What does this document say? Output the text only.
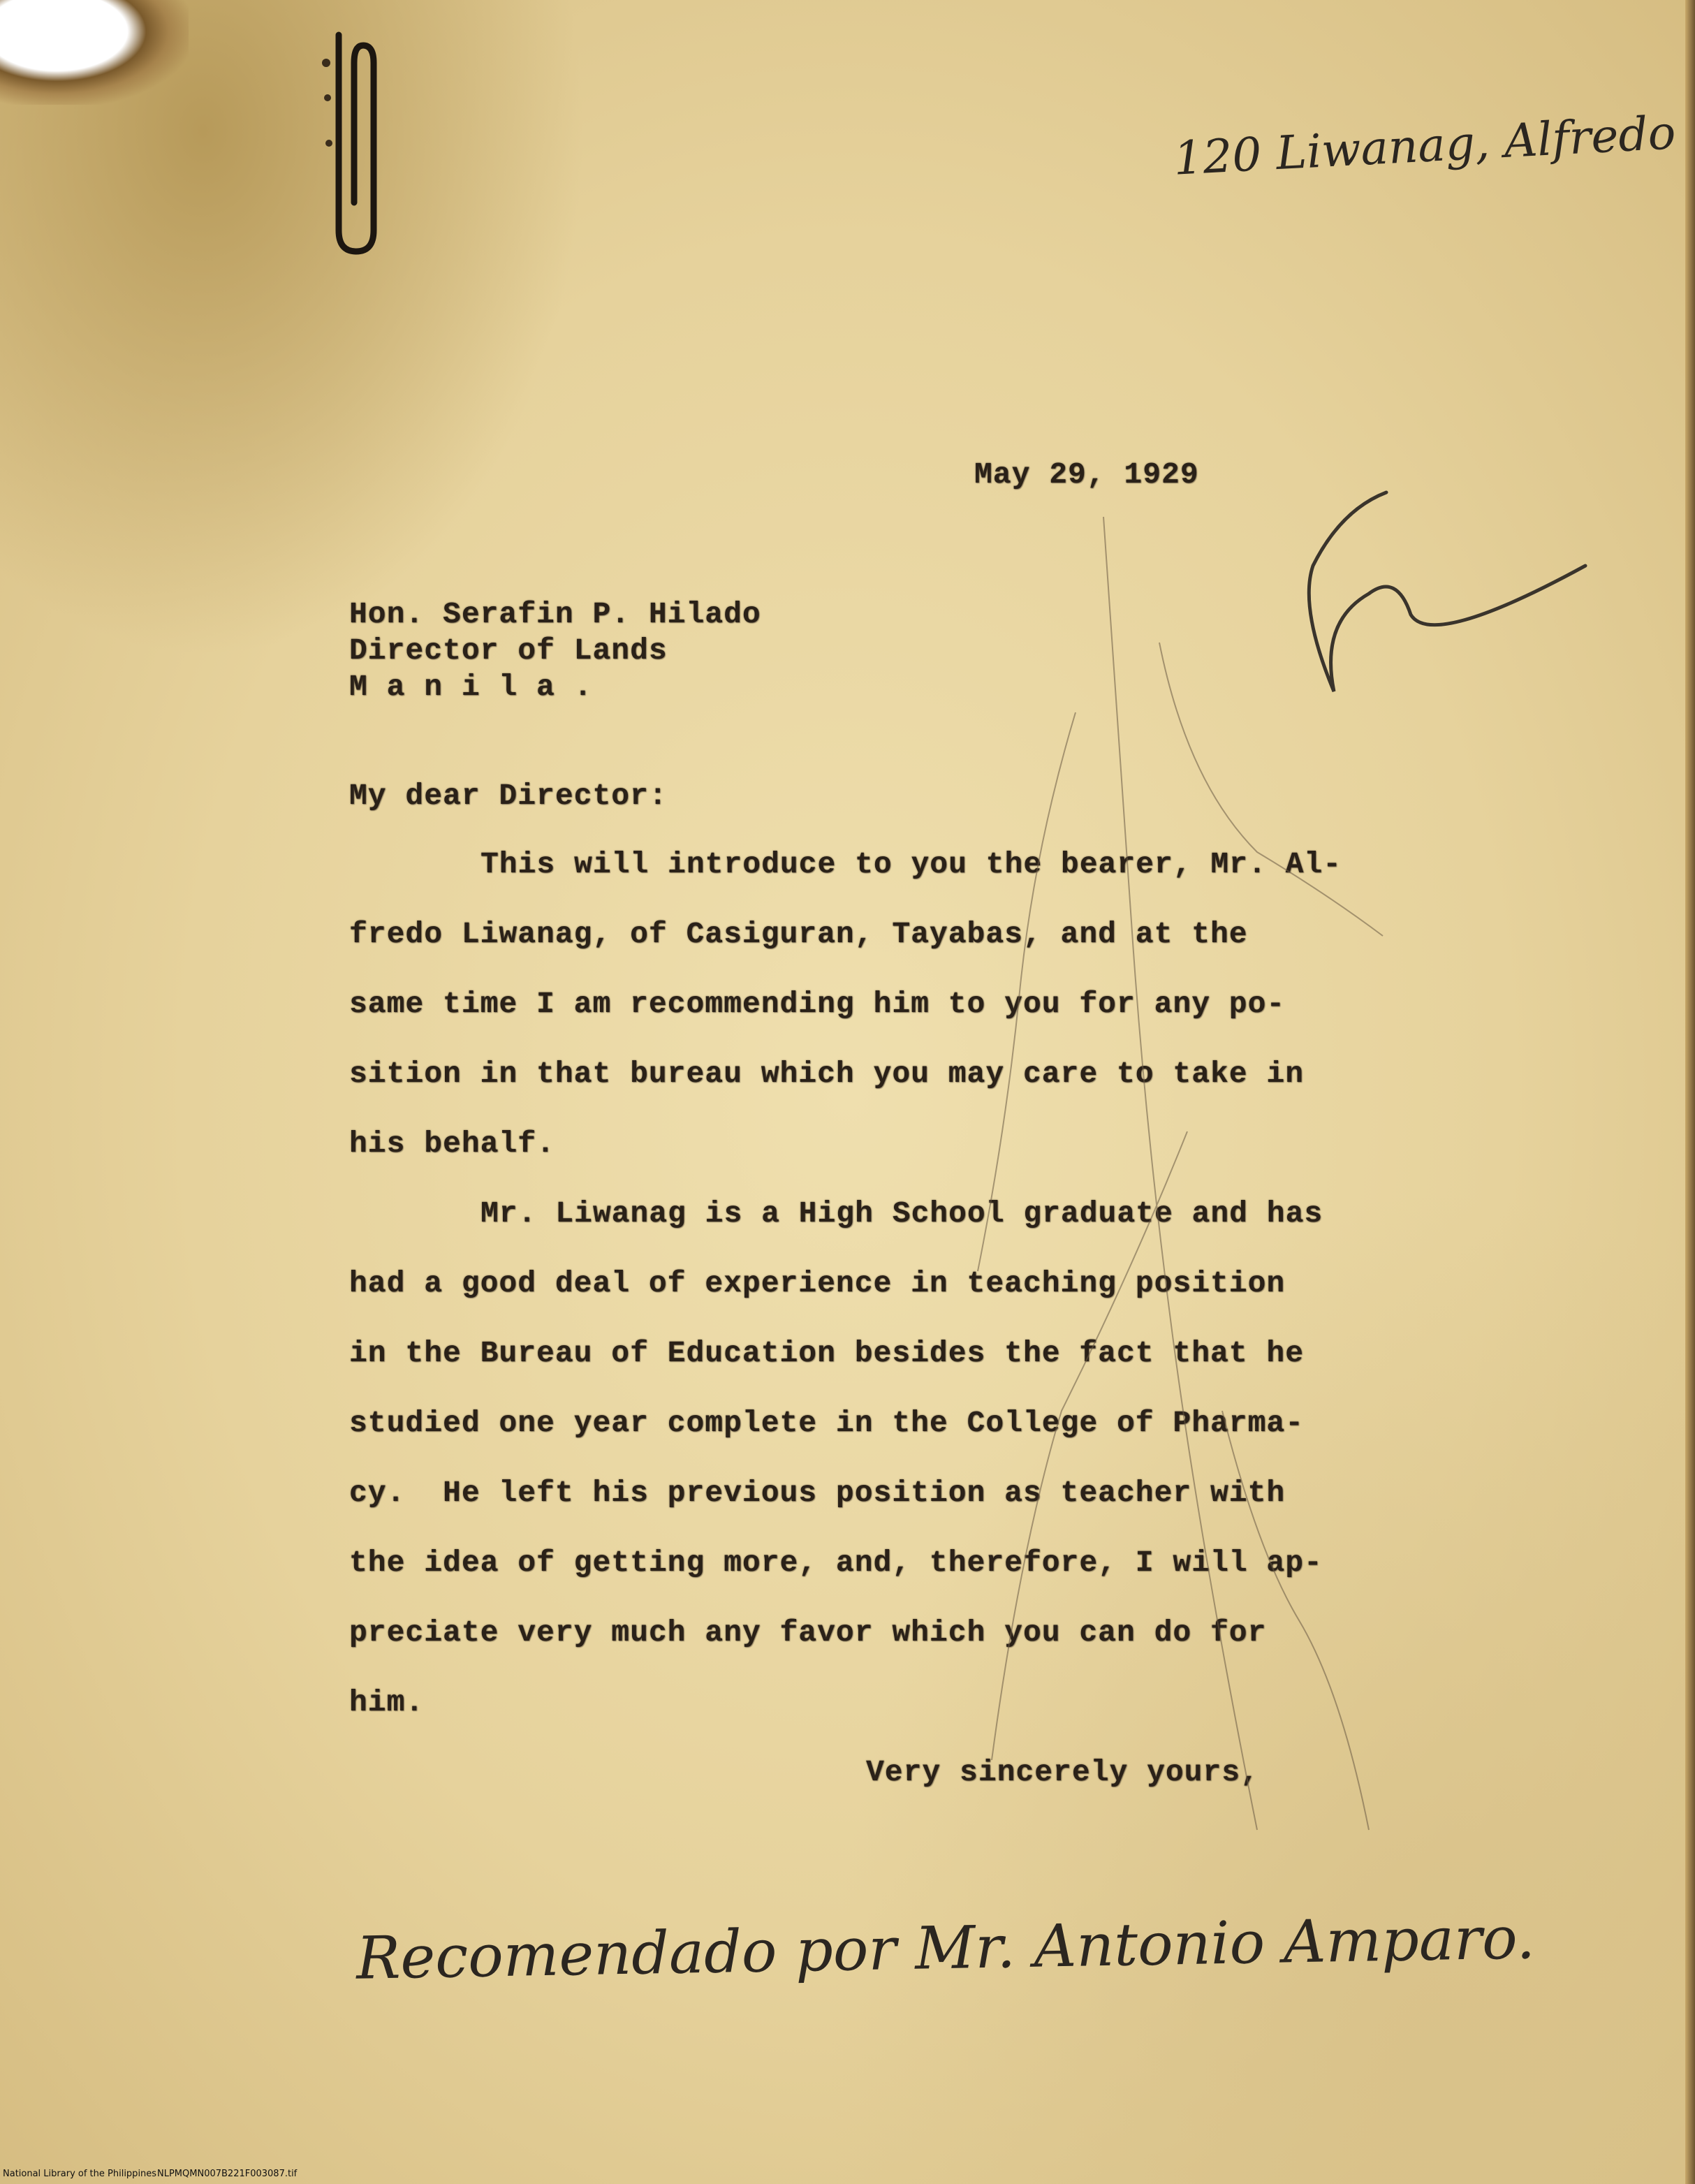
120 Liwanag, Alfredo
May 29, 1929
Hon. Serafin P. Hilado
Director of Lands
M a n i l a .
My dear Director:
This will introduce to you the bearer, Mr. Al-
fredo Liwanag, of Casiguran, Tayabas, and at the
same time I am recommending him to you for any po-
sition in that bureau which you may care to take in
his behalf.
Mr. Liwanag is a High School graduate and has
had a good deal of experience in teaching position
in the Bureau of Education besides the fact that he
studied one year complete in the College of Pharma-
cy.  He left his previous position as teacher with
the idea of getting more, and, therefore, I will ap-
preciate very much any favor which you can do for
him.
Very sincerely yours,
Recomendado por Mr. Antonio Amparo.
National Library of the Philippines NLPMQMN007B221F003087.tif
